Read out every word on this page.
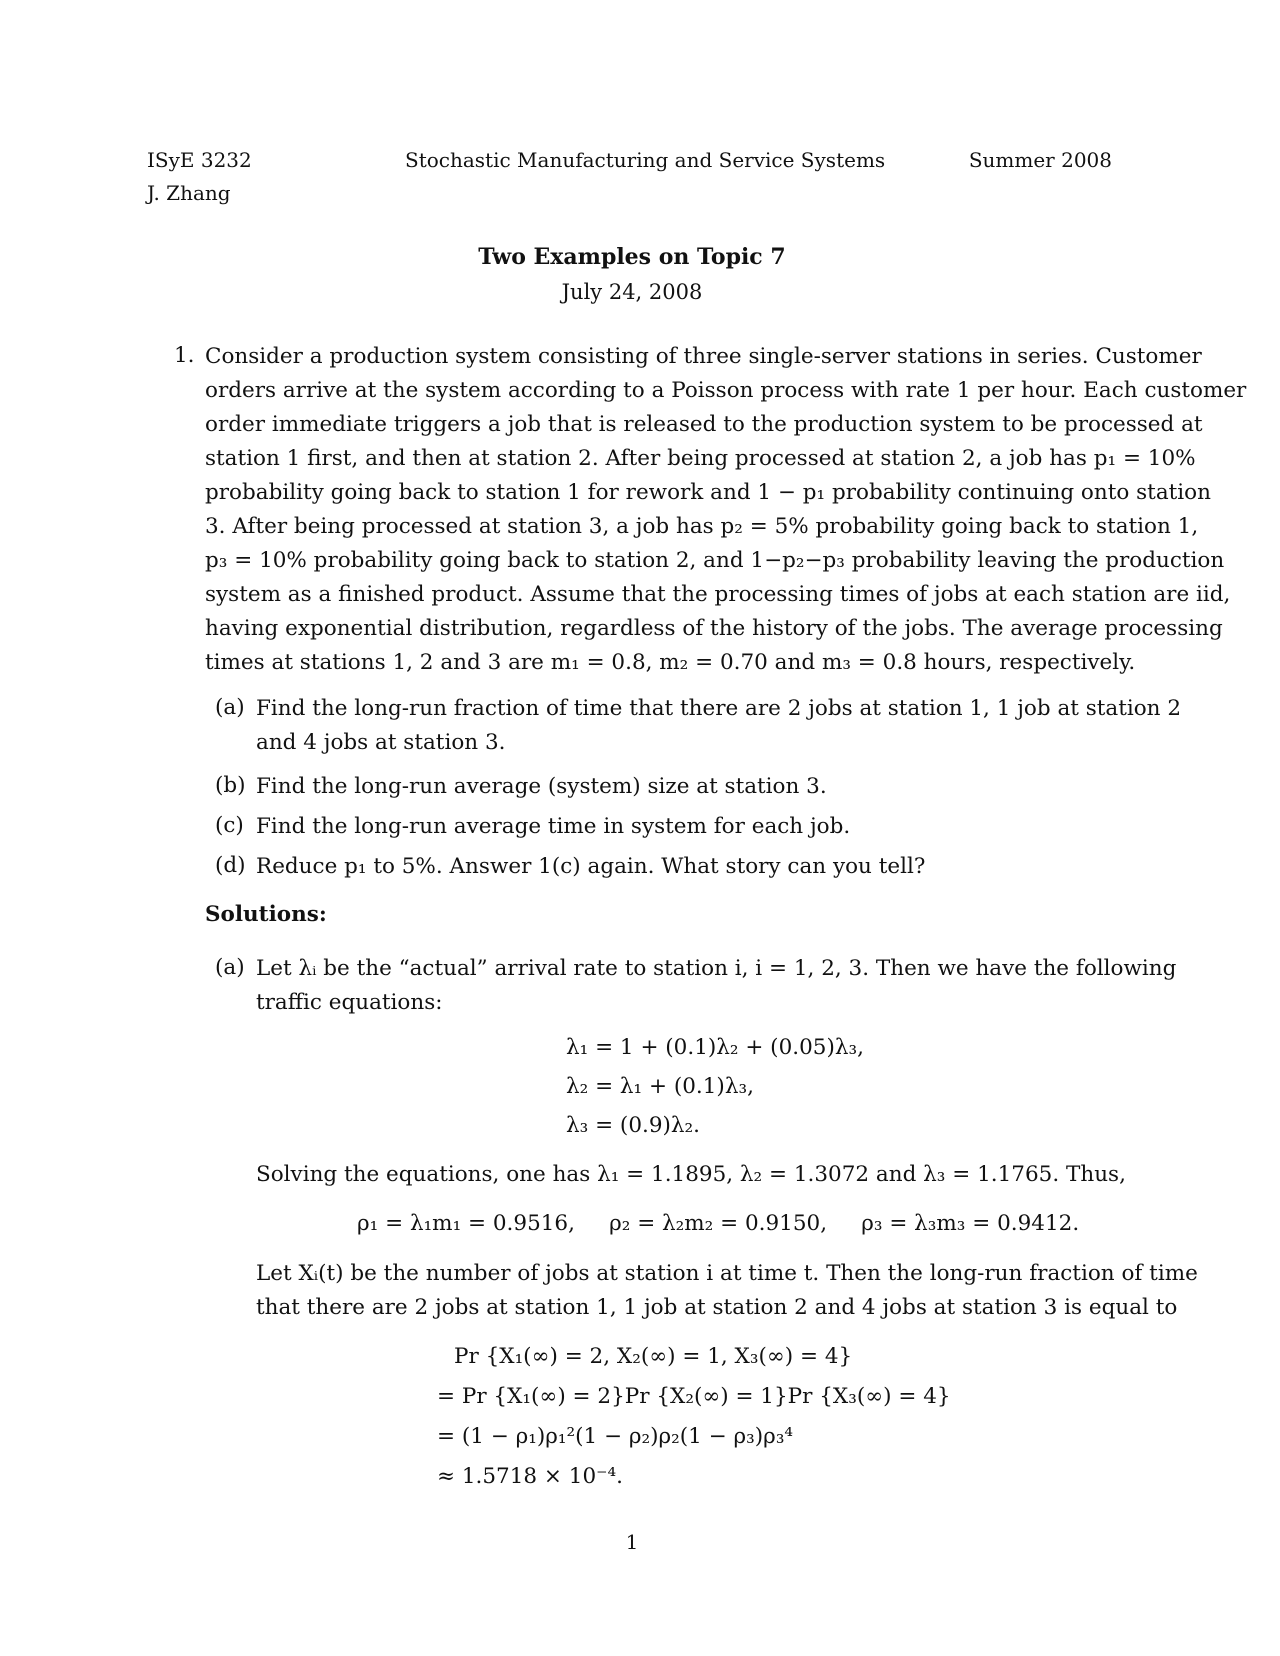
ISyE 3232
J. Zhang
Stochastic Manufacturing and Service Systems	Summer 2008
Two Examples on Topic 7
July 24, 2008
1. Consider a production system consisting of three single-server stations in series. Customer
orders arrive at the system according to a Poisson process with rate 1 per hour. Each customer
order immediate triggers a job that is released to the production system to be processed at
station 1 first, and then at station 2. After being processed at station 2, a job has p₁ = 10%
probability going back to station 1 for rework and 1 − p₁ probability continuing onto station
3. After being processed at station 3, a job has p₂ = 5% probability going back to station 1,
p₃ = 10% probability going back to station 2, and 1−p₂−p₃ probability leaving the production
system as a finished product. Assume that the processing times of jobs at each station are iid,
having exponential distribution, regardless of the history of the jobs. The average processing
times at stations 1, 2 and 3 are m₁ = 0.8, m₂ = 0.70 and m₃ = 0.8 hours, respectively.
(a) Find the long-run fraction of time that there are 2 jobs at station 1, 1 job at station 2
and 4 jobs at station 3.
(b) Find the long-run average (system) size at station 3.
(c) Find the long-run average time in system for each job.
(d) Reduce p₁ to 5%. Answer 1(c) again. What story can you tell?
Solutions:
(a) Let λᵢ be the “actual” arrival rate to station i, i = 1, 2, 3. Then we have the following
traffic equations:
λ₁ = 1 + (0.1)λ₂ + (0.05)λ₃,
λ₂ = λ₁ + (0.1)λ₃,
λ₃ = (0.9)λ₂.
Solving the equations, one has λ₁ = 1.1895, λ₂ = 1.3072 and λ₃ = 1.1765. Thus,
ρ₁ = λ₁m₁ = 0.9516,     ρ₂ = λ₂m₂ = 0.9150,     ρ₃ = λ₃m₃ = 0.9412.
Let Xᵢ(t) be the number of jobs at station i at time t. Then the long-run fraction of time
that there are 2 jobs at station 1, 1 job at station 2 and 4 jobs at station 3 is equal to
Pr {X₁(∞) = 2, X₂(∞) = 1, X₃(∞) = 4}
= Pr {X₁(∞) = 2}Pr {X₂(∞) = 1}Pr {X₃(∞) = 4}
= (1 − ρ₁)ρ₁²(1 − ρ₂)ρ₂(1 − ρ₃)ρ₃⁴
≈ 1.5718 × 10⁻⁴.
1
